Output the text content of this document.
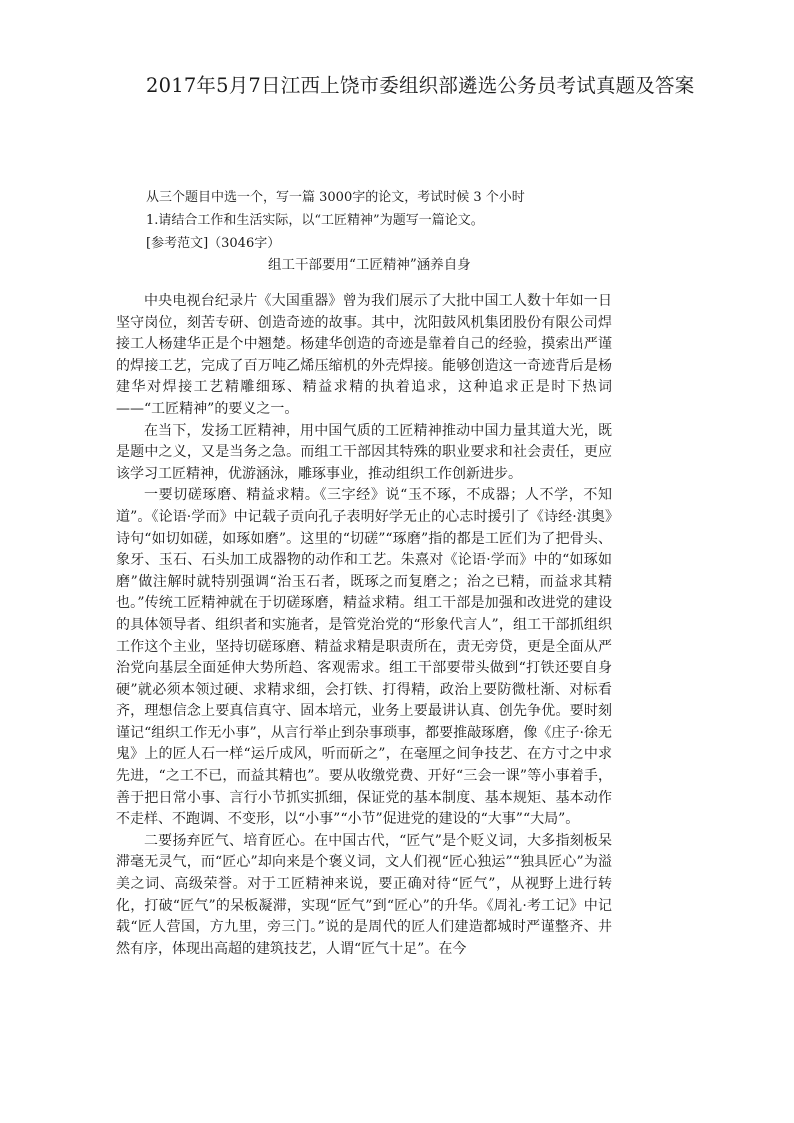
2017年5月7日江西上饶市委组织部遴选公务员考试真题及答案
从三个题目中选一个，写一篇 3000字的论文，考试时候 3 个小时
1.请结合工作和生活实际，以“工匠精神”为题写一篇论文。
[参考范文]（3046字）
组工干部要用“工匠精神”涵养自身

中央电视台纪录片《大国重器》曾为我们展示了大批中国工人数十年如一日坚守岗位，刻苦专研、创造奇迹的故事。其中，沈阳鼓风机集团股份有限公司焊接工人杨建华正是个中翘楚。杨建华创造的奇迹是靠着自己的经验，摸索出严谨的焊接工艺，完成了百万吨乙烯压缩机的外壳焊接。能够创造这一奇迹背后是杨建华对焊接工艺精雕细琢、精益求精的执着追求，这种追求正是时下热词——“工匠精神”的要义之一。

在当下，发扬工匠精神，用中国气质的工匠精神推动中国力量其道大光，既是题中之义，又是当务之急。而组工干部因其特殊的职业要求和社会责任，更应该学习工匠精神，优游涵泳，雕琢事业，推动组织工作创新进步。

一要切磋琢磨、精益求精。《三字经》说“玉不琢，不成器；人不学，不知道”。《论语·学而》中记载子贡向孔子表明好学无止的心志时援引了《诗经·淇奥》诗句“如切如磋，如琢如磨”。这里的“切磋”“琢磨”指的都是工匠们为了把骨头、象牙、玉石、石头加工成器物的动作和工艺。朱熹对《论语·学而》中的“如琢如磨”做注解时就特别强调“治玉石者，既琢之而复磨之；治之已精，而益求其精也。”传统工匠精神就在于切磋琢磨，精益求精。组工干部是加强和改进党的建设的具体领导者、组织者和实施者，是管党治党的“形象代言人”，组工干部抓组织工作这个主业，坚持切磋琢磨、精益求精是职责所在，责无旁贷，更是全面从严治党向基层全面延伸大势所趋、客观需求。组工干部要带头做到“打铁还要自身硬”就必须本领过硬、求精求细，会打铁、打得精，政治上要防微杜渐、对标看齐，理想信念上要真信真守、固本培元，业务上要最讲认真、创先争优。要时刻谨记“组织工作无小事”，从言行举止到杂事琐事，都要推敲琢磨，像《庄子·徐无鬼》上的匠人石一样“运斤成风，听而斫之”，在毫厘之间争技艺、在方寸之中求先进，“之工不已，而益其精也”。要从收缴党费、开好“三会一课”等小事着手，善于把日常小事、言行小节抓实抓细，保证党的基本制度、基本规矩、基本动作不走样、不跑调、不变形，以“小事”“小节”促进党的建设的“大事”“大局”。

二要扬弃匠气、培育匠心。在中国古代，“匠气”是个贬义词，大多指刻板呆滞毫无灵气，而“匠心”却向来是个褒义词，文人们视“匠心独运”“独具匠心”为溢美之词、高级荣誉。对于工匠精神来说，要正确对待“匠气”，从视野上进行转化，打破“匠气”的呆板凝滞，实现“匠气”到“匠心”的升华。《周礼·考工记》中记载“匠人营国，方九里，旁三门。”说的是周代的匠人们建造都城时严谨整齐、井然有序，体现出高超的建筑技艺，人谓“匠气十足”。在今
